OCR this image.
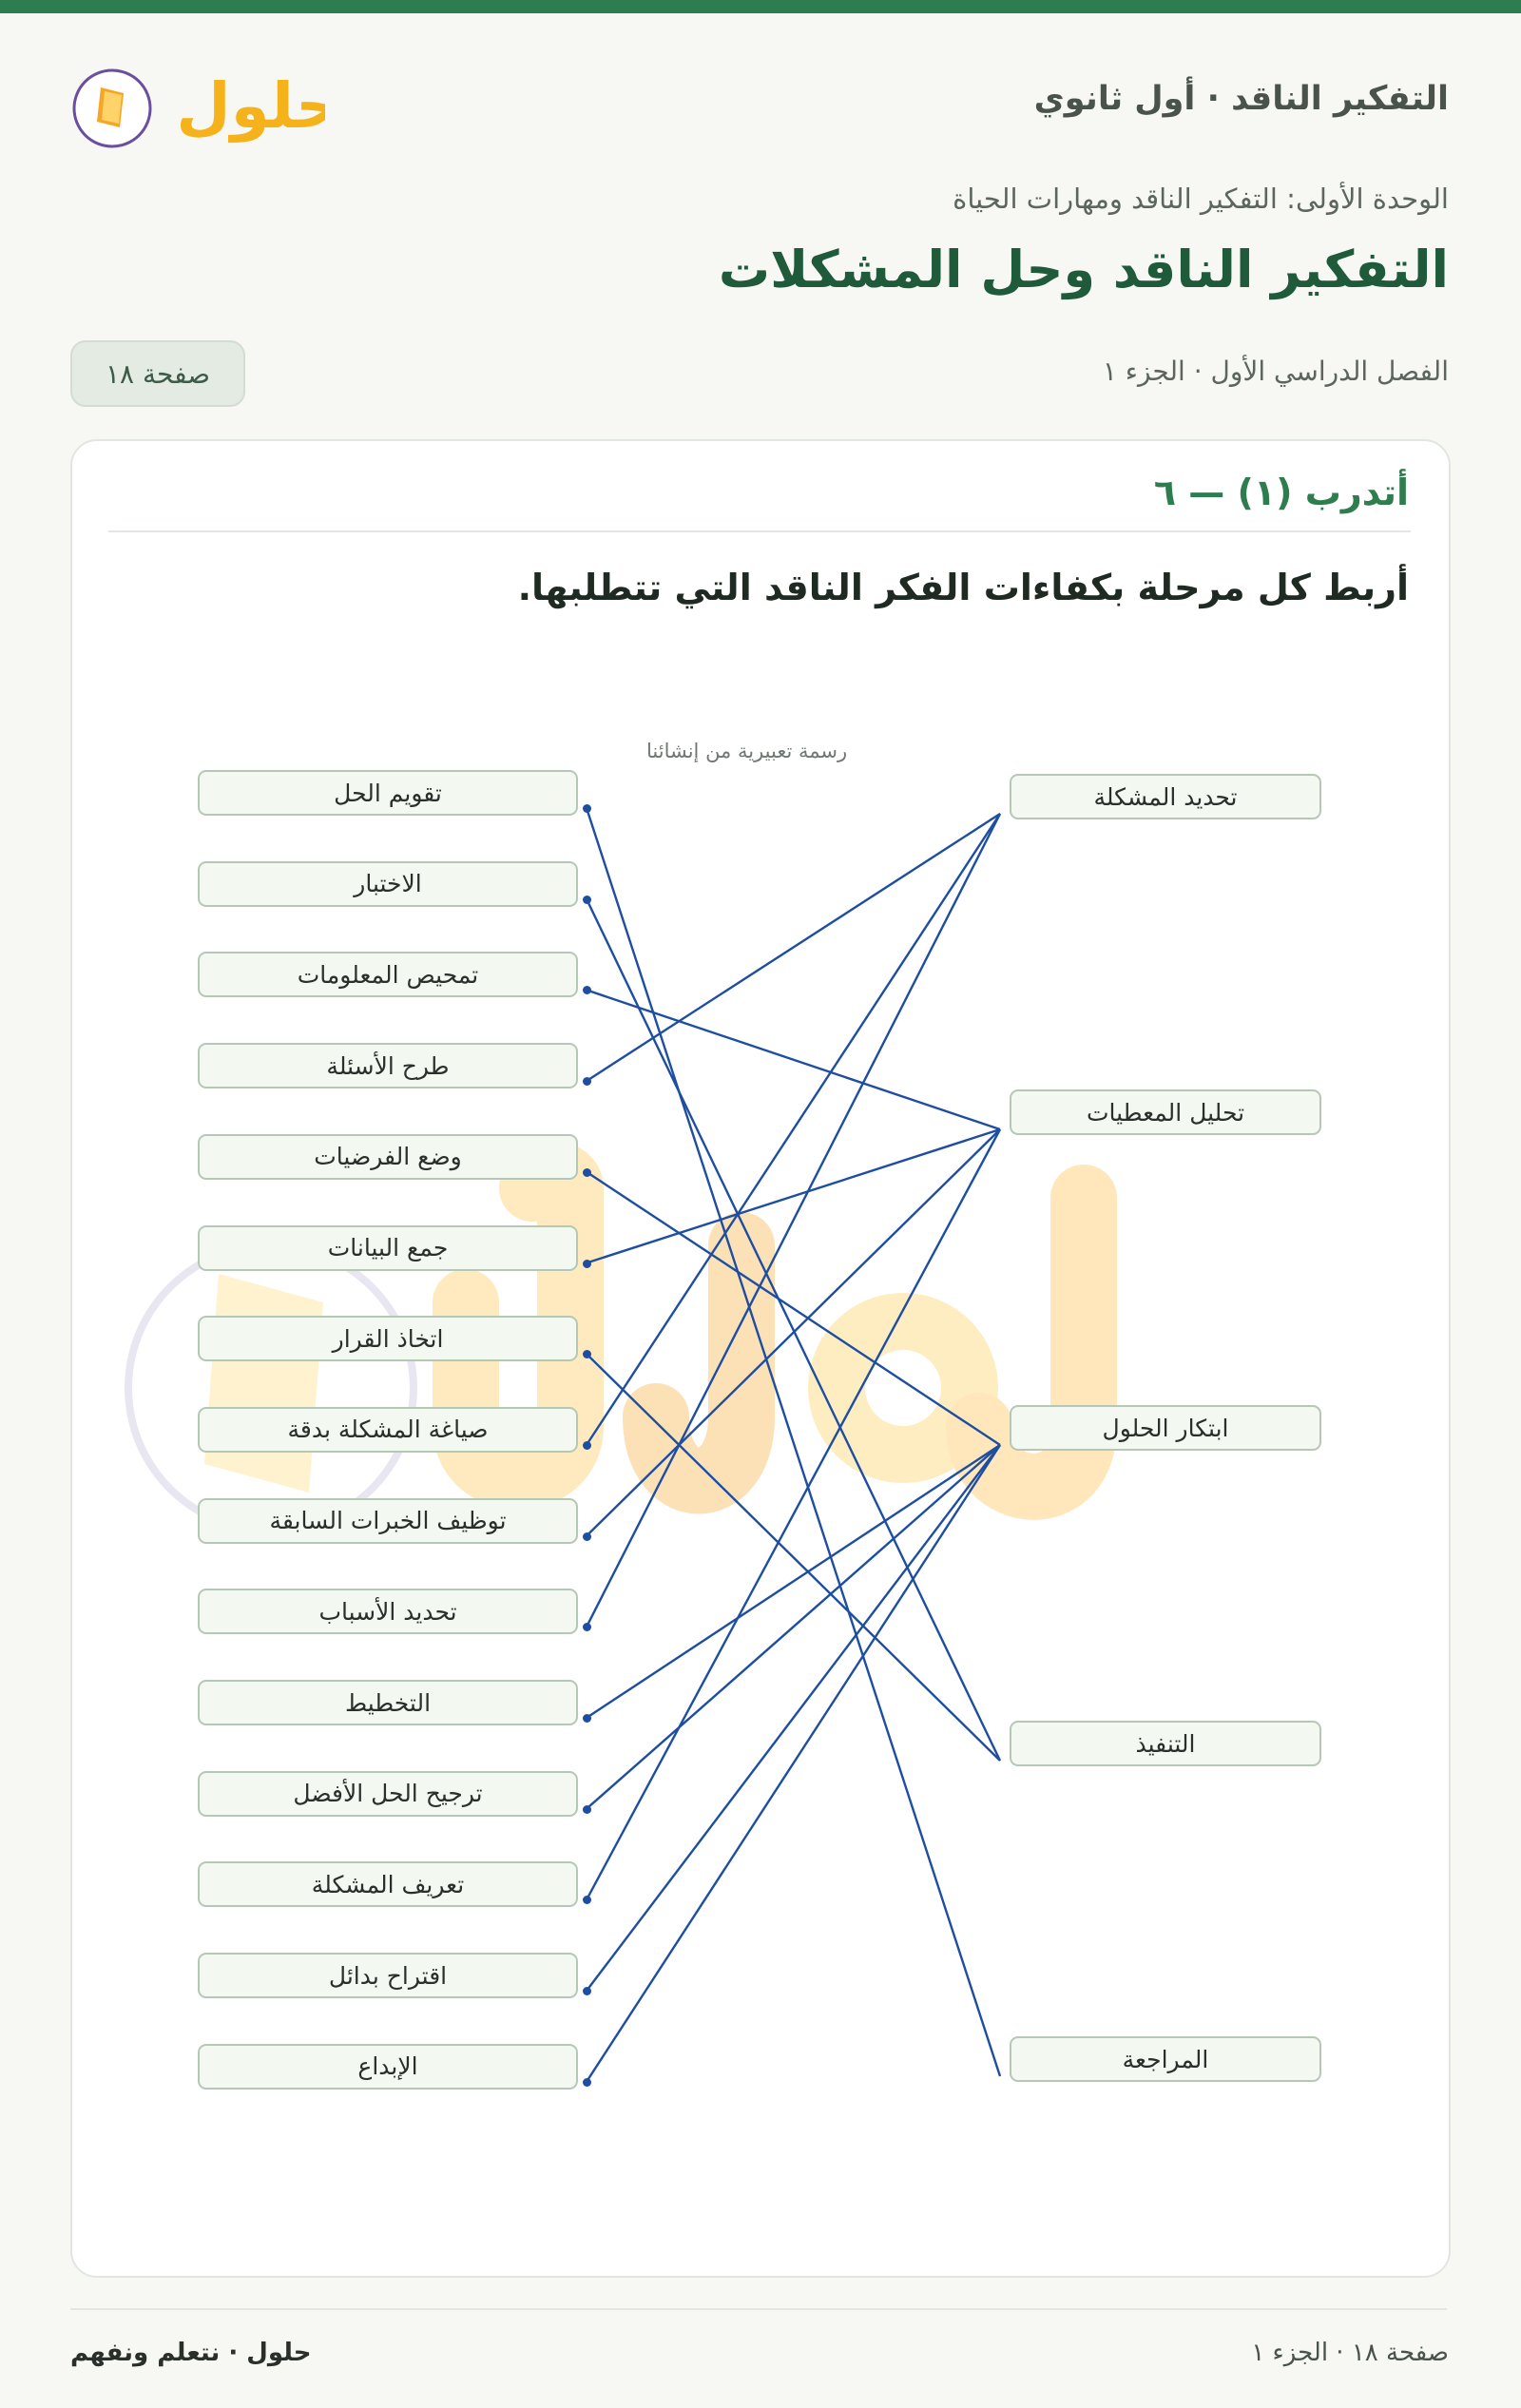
التفكير الناقد · أول ثانوي
حلول
الوحدة الأولى: التفكير الناقد ومهارات الحياة
التفكير الناقد وحل المشكلات
الفصل الدراسي الأول · الجزء ١
صفحة ١٨
أتدرب (١) — ٦
أربط كل مرحلة بكفاءات الفكر الناقد التي تتطلبها.
رسمة تعبيرية من إنشائنا
تقويم الحل
الاختبار
تمحيص المعلومات
طرح الأسئلة
وضع الفرضيات
جمع البيانات
اتخاذ القرار
صياغة المشكلة بدقة
توظيف الخبرات السابقة
تحديد الأسباب
التخطيط
ترجيح الحل الأفضل
تعريف المشكلة
اقتراح بدائل
الإبداع
تحديد المشكلة
تحليل المعطيات
ابتكار الحلول
التنفيذ
المراجعة
صفحة ١٨ · الجزء ١
حلول · نتعلم ونفهم
